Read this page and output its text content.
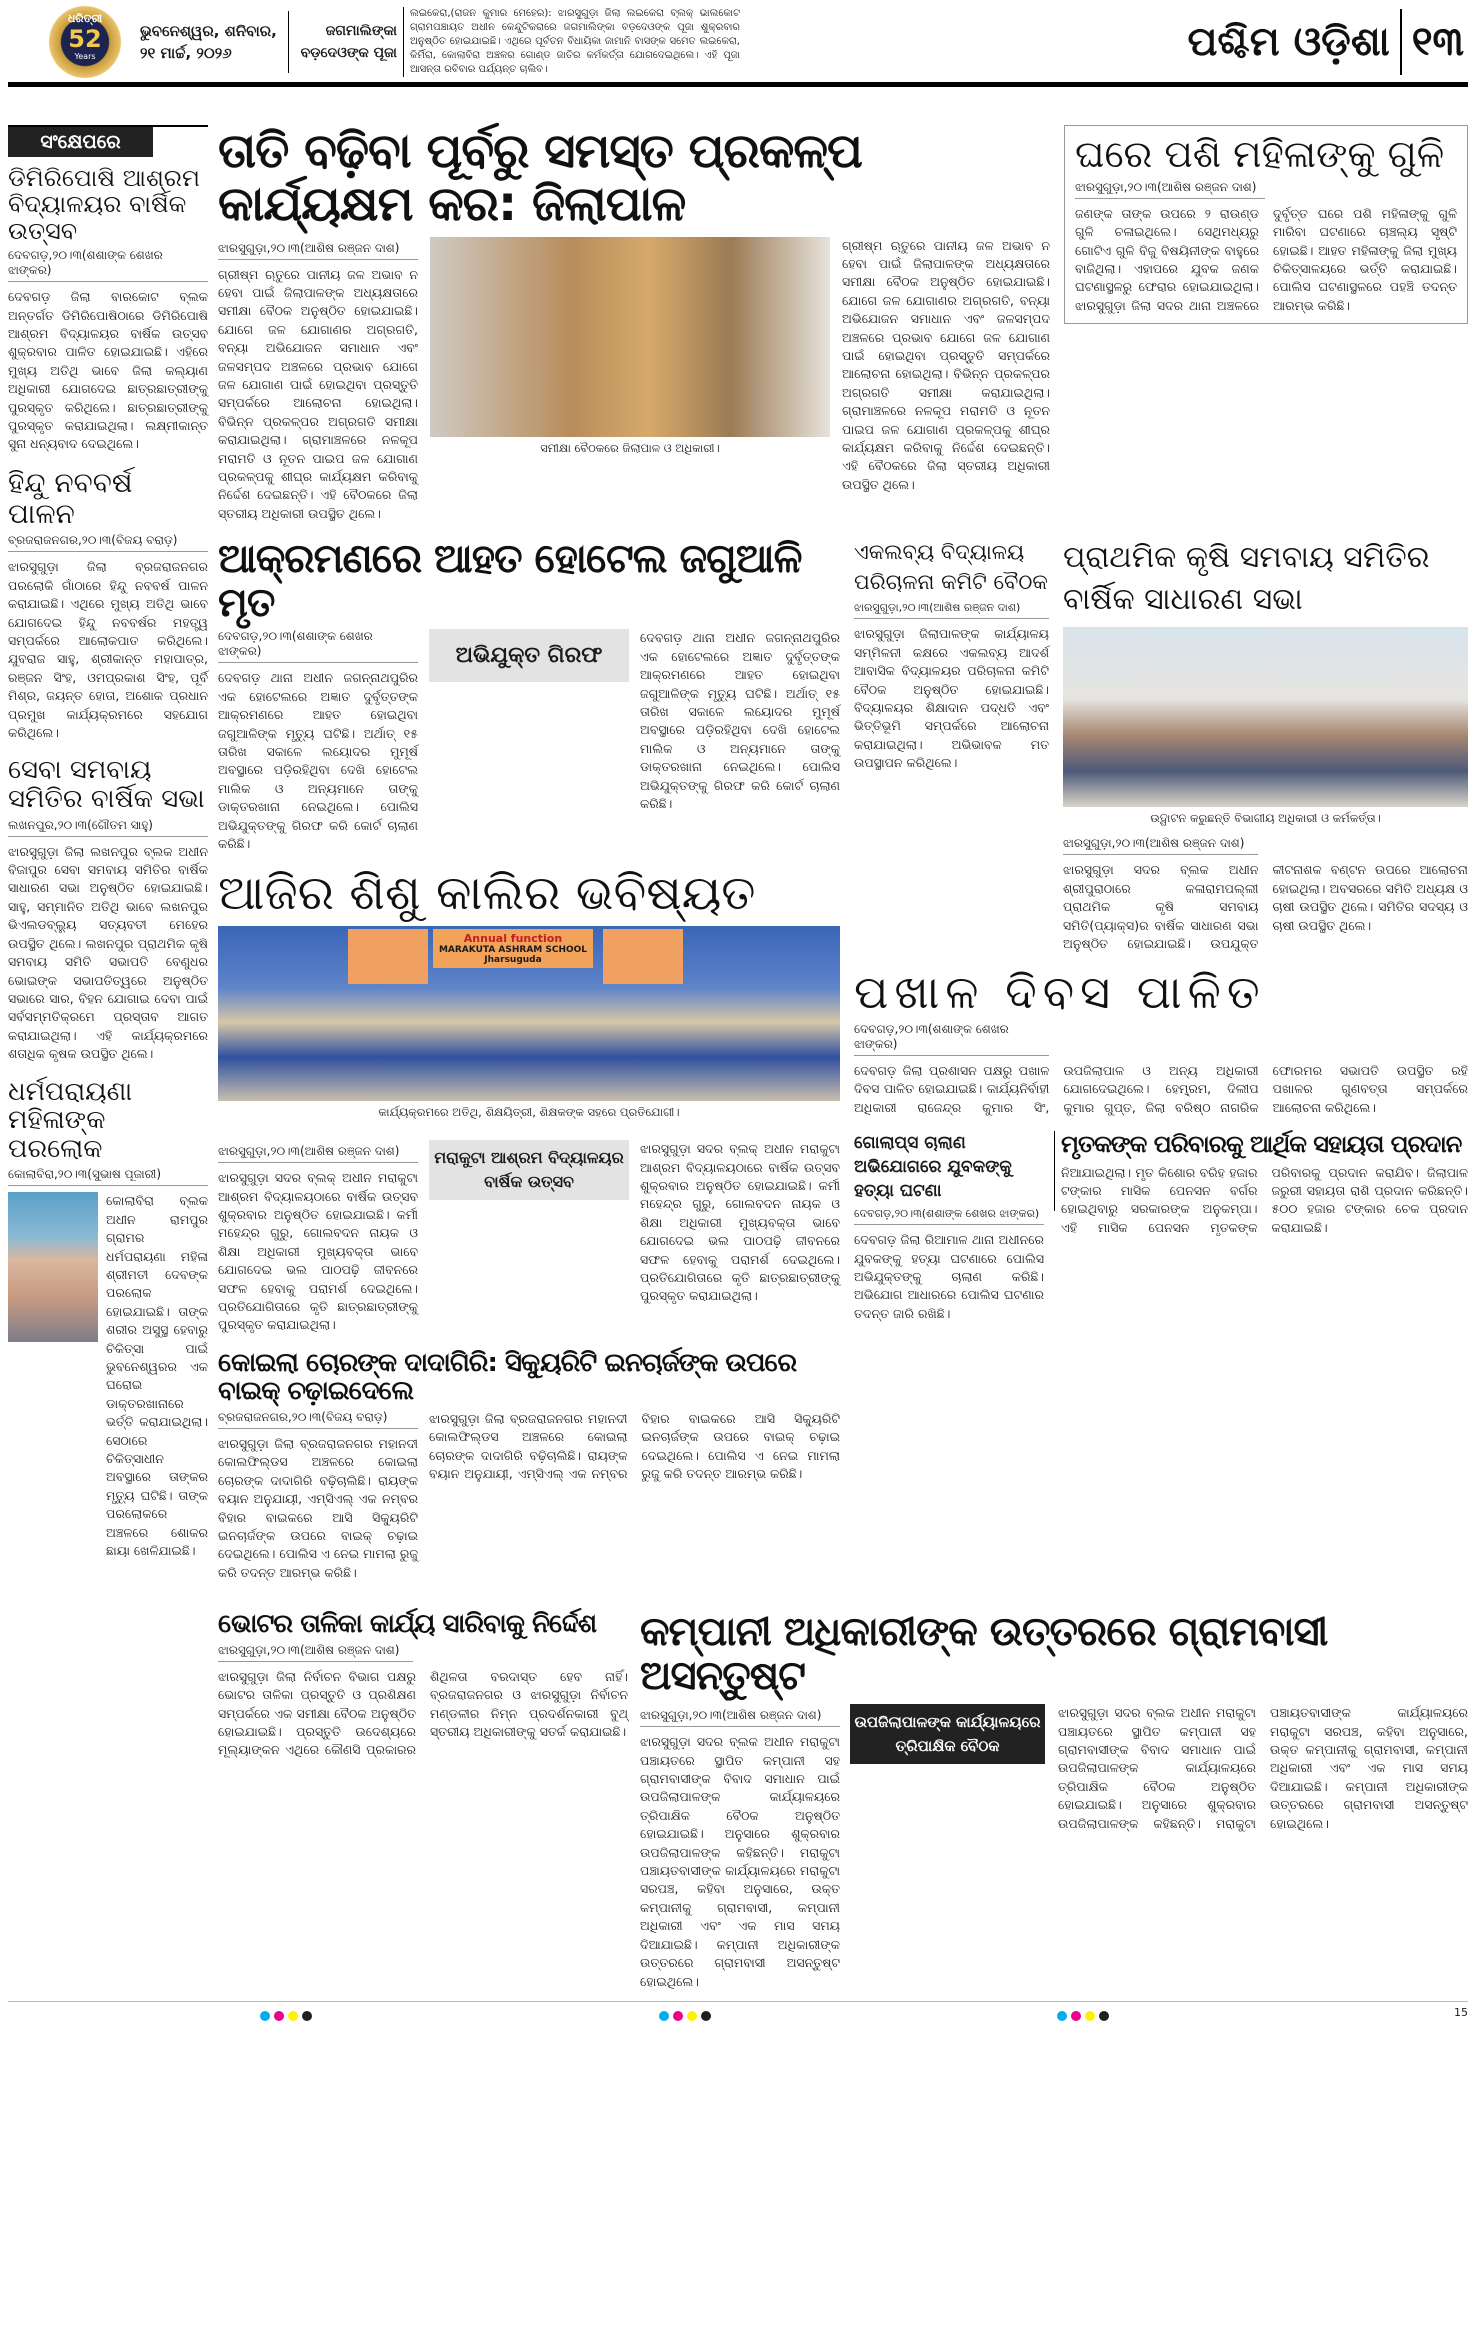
ଧରିତ୍ରୀ
52
Years
ଭୁବନେଶ୍ୱର, ଶନିବାର,
୨୧ ମାର୍ଚ୍ଚ, ୨୦୨୬
ଜଗମାଲିଙ୍କା ବଡ଼ଦେଓଙ୍କ ପୂଜା
ଲଇକେରା,(ରାଜନ କୁମାର ମେହେର): ଝାରସୁଗୁଡ଼ା ଜିଲା ଲଇକେରା ବ୍ଲକ୍ ଭାଲକୋଟ ଗ୍ରାମପଞ୍ଚାୟତ ଅଧୀନ କେନ୍ଦୁଟିକରାରେ ଜଗମାଲିଙ୍କା ବଡ଼ଦେଓଙ୍କ ପୂଜା ଶୁକ୍ରବାର ଅନୁଷ୍ଠିତ ହୋଇଯାଇଛି। ଏଥିରେ ପୂର୍ବତନ ବିଧାୟିକା ଜାମାନି ବାସଙ୍କ ସମେତ ଲଇକେରା, କିର୍ମିରା, କୋଲାବିରା ଅଞ୍ଚଳର ଗୋଣ୍ଡ ଜାତିର କର୍ମକର୍ତ୍ତା ଯୋଗଦେଇଥିଲେ। ଏହି ପୂଜା ଆସନ୍ତା ରବିବାର ପର୍ଯ୍ୟନ୍ତ ଚାଲିବ।
ପଶ୍ଚିମ ଓଡ଼ିଶା ୧୩
ସଂକ୍ଷେପରେ
ଡିମିରିପୋଷି ଆଶ୍ରମ ବିଦ୍ୟାଳୟର ବାର୍ଷିକ ଉତ୍ସବ
ଦେବଗଡ଼,୨୦।୩(ଶଶାଙ୍କ ଶେଖର ଝାଙ୍କର)
ଦେବଗଡ଼ ଜିଲା ବାରକୋଟ ବ୍ଲକ ଅନ୍ତର୍ଗତ ଡିମିରିପୋଷିଠାରେ ଡିମିରିପୋଷି ଆଶ୍ରମ ବିଦ୍ୟାଳୟର ବାର୍ଷିକ ଉତ୍ସବ ଶୁକ୍ରବାର ପାଳିତ ହୋଇଯାଇଛି। ଏହିରେ ମୁଖ୍ୟ ଅତିଥି ଭାବେ ଜିଲା କଲ୍ୟାଣ ଅଧିକାରୀ ଯୋଗଦେଇ ଛାତ୍ରଛାତ୍ରୀଙ୍କୁ ପୁରସ୍କୃତ କରିଥିଲେ। ଛାତ୍ରଛାତ୍ରୀଙ୍କୁ ପୁରସ୍କୃତ କରାଯାଇଥିଲା। ଲକ୍ଷ୍ମୀକାନ୍ତ ସୁନା ଧନ୍ୟବାଦ ଦେଇଥିଲେ।
ହିନ୍ଦୁ ନବବର୍ଷ ପାଳନ
ବ୍ରଜରାଜନଗର,୨୦।୩(ବିଜୟ ବରାଡ଼)
ଝାରସୁଗୁଡ଼ା ଜିଲା ବ୍ରଜରାଜନଗର ପରଲୋକି ଗାଁଠାରେ ହିନ୍ଦୁ ନବବର୍ଷ ପାଳନ କରାଯାଇଛି। ଏଥିରେ ମୁଖ୍ୟ ଅତିଥି ଭାବେ ଯୋଗଦେଇ ହିନ୍ଦୁ ନବବର୍ଷର ମହତ୍ତ୍ୱ ସମ୍ପର୍କରେ ଆଲୋକପାତ କରିଥିଲେ। ଯୁବରାଜ ସାହୁ, ଶ୍ରୀକାନ୍ତ ମହାପାତ୍ର, ରଞ୍ଜନ ସିଂହ, ଓମପ୍ରକାଶ ସିଂହ, ପୂର୍ବି ମିଶ୍ର, ଜୟନ୍ତ ହୋତା, ଅଶୋକ ପ୍ରଧାନ ପ୍ରମୁଖ କାର୍ଯ୍ୟକ୍ରମରେ ସହଯୋଗ କରିଥିଲେ।
ସେବା ସମବାୟ ସମିତିର ବାର୍ଷିକ ସଭା
ଲଖନପୁର,୨୦।୩(ଗୌତମ ସାହୁ)
ଝାରସୁଗୁଡ଼ା ଜିଲା ଲଖନପୁର ବ୍ଲକ ଅଧୀନ ବିଜାପୁର ସେବା ସମବାୟ ସମିତିର ବାର୍ଷିକ ସାଧାରଣ ସଭା ଅନୁଷ୍ଠିତ ହୋଇଯାଇଛି। ସାହୁ, ସମ୍ମାନିତ ଅତିଥି ଭାବେ ଲଖନପୁର ଭିଏଲଡବ୍ଲ୍ୟୁ ସତ୍ୟବତୀ ମେହେର ଉପସ୍ଥିତ ଥିଲେ। ଲଖନପୁର ପ୍ରାଥମିକ କୃଷି ସମବାୟ ସମିତି ସଭାପତି ବେଣୁଧର ଭୋଇଙ୍କ ସଭାପତିତ୍ୱରେ ଅନୁଷ୍ଠିତ ସଭାରେ ସାର, ବିହନ ଯୋଗାଇ ଦେବା ପାଇଁ ସର୍ବସମ୍ମତିକ୍ରମେ ପ୍ରସ୍ତାବ ଆଗତ କରାଯାଇଥିଲା। ଏହି କାର୍ଯ୍ୟକ୍ରମରେ ଶତାଧିକ କୃଷକ ଉପସ୍ଥିତ ଥିଲେ।
ଧର୍ମପରାୟଣା ମହିଳାଙ୍କ ପରଲୋକ
କୋଲାବିରା,୨୦।୩(ସୁଭାଷ ପୂଜାରୀ)
କୋଲାବିରା ବ୍ଲକ ଅଧୀନ ରାମପୁର ଗ୍ରାମର ଧର୍ମପରାୟଣା ମହିଳା ଶ୍ରୀମତୀ ଦେବଙ୍କ ପରଲୋକ ହୋଇଯାଇଛି। ତାଙ୍କ ଶରୀର ଅସୁସ୍ଥ ହେବାରୁ ଚିକିତ୍ସା ପାଇଁ ଭୁବନେଶ୍ୱରର ଏକ ଘରୋଇ ଡାକ୍ତରଖାନାରେ ଭର୍ତ୍ତି କରାଯାଇଥିଲା। ସେଠାରେ ଚିକିତ୍ସାଧୀନ ଅବସ୍ଥାରେ ତାଙ୍କର ମୃତ୍ୟୁ ଘଟିଛି। ତାଙ୍କ ପରଲୋକରେ ଅଞ୍ଚଳରେ ଶୋକର ଛାୟା ଖେଳିଯାଇଛି।
ତାତି ବଢ଼ିବା ପୂର୍ବରୁ ସମସ୍ତ ପ୍ରକଳ୍ପ କାର୍ଯ୍ୟକ୍ଷମ କର: ଜିଲାପାଳ
ଝାରସୁଗୁଡ଼ା,୨୦।୩(ଆଶିଷ ରଞ୍ଜନ ଦାଶ)
ଗ୍ରୀଷ୍ମ ଋତୁରେ ପାନୀୟ ଜଳ ଅଭାବ ନ ହେବା ପାଇଁ ଜିଲାପାଳଙ୍କ ଅଧ୍ୟକ୍ଷତାରେ ସମୀକ୍ଷା ବୈଠକ ଅନୁଷ୍ଠିତ ହୋଇଯାଇଛି। ଯୋଗେ ଜଳ ଯୋଗାଣର ଅଗ୍ରଗତି, ବନ୍ୟା ଅଭିଯୋଜନ ସମାଧାନ ଏବଂ ଜଳସମ୍ପଦ ଅଞ୍ଚଳରେ ପ୍ରଭାବ ଯୋଗେ ଜଳ ଯୋଗାଣ ପାଇଁ ହୋଇଥିବା ପ୍ରସ୍ତୁତି ସମ୍ପର୍କରେ ଆଲୋଚନା ହୋଇଥିଲା। ବିଭିନ୍ନ ପ୍ରକଳ୍ପର ଅଗ୍ରଗତି ସମୀକ୍ଷା କରାଯାଇଥିଲା। ଗ୍ରାମାଞ୍ଚଳରେ ନଳକୂପ ମରାମତି ଓ ନୂତନ ପାଇପ ଜଳ ଯୋଗାଣ ପ୍ରକଳ୍ପକୁ ଶୀଘ୍ର କାର୍ଯ୍ୟକ୍ଷମ କରିବାକୁ ନିର୍ଦ୍ଦେଶ ଦେଇଛନ୍ତି। ଏହି ବୈଠକରେ ଜିଲା ସ୍ତରୀୟ ଅଧିକାରୀ ଉପସ୍ଥିତ ଥିଲେ।
ସମୀକ୍ଷା ବୈଠକରେ ଜିଲାପାଳ ଓ ଅଧିକାରୀ।
ଗ୍ରୀଷ୍ମ ଋତୁରେ ପାନୀୟ ଜଳ ଅଭାବ ନ ହେବା ପାଇଁ ଜିଲାପାଳଙ୍କ ଅଧ୍ୟକ୍ଷତାରେ ସମୀକ୍ଷା ବୈଠକ ଅନୁଷ୍ଠିତ ହୋଇଯାଇଛି। ଯୋଗେ ଜଳ ଯୋଗାଣର ଅଗ୍ରଗତି, ବନ୍ୟା ଅଭିଯୋଜନ ସମାଧାନ ଏବଂ ଜଳସମ୍ପଦ ଅଞ୍ଚଳରେ ପ୍ରଭାବ ଯୋଗେ ଜଳ ଯୋଗାଣ ପାଇଁ ହୋଇଥିବା ପ୍ରସ୍ତୁତି ସମ୍ପର୍କରେ ଆଲୋଚନା ହୋଇଥିଲା। ବିଭିନ୍ନ ପ୍ରକଳ୍ପର ଅଗ୍ରଗତି ସମୀକ୍ଷା କରାଯାଇଥିଲା। ଗ୍ରାମାଞ୍ଚଳରେ ନଳକୂପ ମରାମତି ଓ ନୂତନ ପାଇପ ଜଳ ଯୋଗାଣ ପ୍ରକଳ୍ପକୁ ଶୀଘ୍ର କାର୍ଯ୍ୟକ୍ଷମ କରିବାକୁ ନିର୍ଦ୍ଦେଶ ଦେଇଛନ୍ତି। ଏହି ବୈଠକରେ ଜିଲା ସ୍ତରୀୟ ଅଧିକାରୀ ଉପସ୍ଥିତ ଥିଲେ।
ଘରେ ପଶି ମହିଳାଙ୍କୁ ଗୁଳି
ଝାରସୁଗୁଡ଼ା,୨୦।୩(ଆଶିଷ ରଞ୍ଜନ ଦାଶ)
ଜଣଙ୍କ ତାଙ୍କ ଉପରେ ୨ ରାଉଣ୍ଡ ଗୁଳି ଚଳାଇଥିଲେ। ସେଥିମଧ୍ୟରୁ ଗୋଟିଏ ଗୁଳି ବିଜୁ ବିଷୟିନୀଙ୍କ ବାହୁରେ ବାଜିଥିଲା। ଏହାପରେ ଯୁବକ ଜଣକ ଘଟଣାସ୍ଥଳରୁ ଫେରାର ହୋଇଯାଇଥିଲା। ଝାରସୁଗୁଡ଼ା ଜିଲା ସଦର ଥାନା ଅଞ୍ଚଳରେ ଦୁର୍ବୃତ୍ତ ଘରେ ପଶି ମହିଳାଙ୍କୁ ଗୁଳି ମାରିବା ଘଟଣାରେ ଚାଞ୍ଚଲ୍ୟ ସୃଷ୍ଟି ହୋଇଛି। ଆହତ ମହିଳାଙ୍କୁ ଜିଲା ମୁଖ୍ୟ ଚିକିତ୍ସାଳୟରେ ଭର୍ତ୍ତି କରାଯାଇଛି। ପୋଲିସ ଘଟଣାସ୍ଥଳରେ ପହଞ୍ଚି ତଦନ୍ତ ଆରମ୍ଭ କରିଛି।
ଆକ୍ରମଣରେ ଆହତ ହୋଟେଲ ଜଗୁଆଳି ମୃତ
ଦେବଗଡ଼,୨୦।୩(ଶଶାଙ୍କ ଶେଖର ଝାଙ୍କର)
ଦେବଗଡ଼ ଥାନା ଅଧୀନ ଜଗନ୍ନାଥପୁରିର ଏକ ହୋଟେଲରେ ଅଜ୍ଞାତ ଦୁର୍ବୃତ୍ତଙ୍କ ଆକ୍ରମଣରେ ଆହତ ହୋଇଥିବା ଜଗୁଆଳିଙ୍କ ମୃତ୍ୟୁ ଘଟିଛି। ଅର୍ଥାତ୍ ୧୫ ତାରିଖ ସକାଳେ ଲୟୋଦର ମୁମୂର୍ଷ ଅବସ୍ଥାରେ ପଡ଼ିରହିଥିବା ଦେଖି ହୋଟେଲ ମାଲିକ ଓ ଅନ୍ୟମାନେ ତାଙ୍କୁ ଡାକ୍ତରଖାନା ନେଇଥିଲେ। ପୋଲିସ ଅଭିଯୁକ୍ତଙ୍କୁ ଗିରଫ କରି କୋର୍ଟ ଚାଲାଣ କରିଛି।
ଅଭିଯୁକ୍ତ ଗିରଫ
ଦେବଗଡ଼ ଥାନା ଅଧୀନ ଜଗନ୍ନାଥପୁରିର ଏକ ହୋଟେଲରେ ଅଜ୍ଞାତ ଦୁର୍ବୃତ୍ତଙ୍କ ଆକ୍ରମଣରେ ଆହତ ହୋଇଥିବା ଜଗୁଆଳିଙ୍କ ମୃତ୍ୟୁ ଘଟିଛି। ଅର୍ଥାତ୍ ୧୫ ତାରିଖ ସକାଳେ ଲୟୋଦର ମୁମୂର୍ଷ ଅବସ୍ଥାରେ ପଡ଼ିରହିଥିବା ଦେଖି ହୋଟେଲ ମାଲିକ ଓ ଅନ୍ୟମାନେ ତାଙ୍କୁ ଡାକ୍ତରଖାନା ନେଇଥିଲେ। ପୋଲିସ ଅଭିଯୁକ୍ତଙ୍କୁ ଗିରଫ କରି କୋର୍ଟ ଚାଲାଣ କରିଛି।
ଆଜିର ଶିଶୁ କାଲିର ଭବିଷ୍ୟତ
Annual function
MARAKUTA ASHRAM SCHOOL
Jharsuguda
କାର୍ଯ୍ୟକ୍ରମରେ ଅତିଥି, ଶିକ୍ଷୟିତ୍ରୀ, ଶିକ୍ଷକଙ୍କ ସହରେ ପ୍ରତିଯୋଗୀ।
ଝାରସୁଗୁଡ଼ା,୨୦।୩(ଆଶିଷ ରଞ୍ଜନ ଦାଶ)
ଝାରସୁଗୁଡ଼ା ସଦର ବ୍ଲକ୍ ଅଧୀନ ମରାକୁଟା ଆଶ୍ରମ ବିଦ୍ୟାଳୟଠାରେ ବାର୍ଷିକ ଉତ୍ସବ ଶୁକ୍ରବାର ଅନୁଷ୍ଠିତ ହୋଇଯାଇଛି। କର୍ମୀ ମହେନ୍ଦ୍ର ଗୁରୁ, ଗୋଲବଦନ ନାୟକ ଓ ଶିକ୍ଷା ଅଧିକାରୀ ମୁଖ୍ୟବକ୍ତା ଭାବେ ଯୋଗଦେଇ ଭଲ ପାଠପଢ଼ି ଜୀବନରେ ସଫଳ ହେବାକୁ ପରାମର୍ଶ ଦେଇଥିଲେ। ପ୍ରତିଯୋଗିତାରେ କୃତି ଛାତ୍ରଛାତ୍ରୀଙ୍କୁ ପୁରସ୍କୃତ କରାଯାଇଥିଲା।
ମରାକୁଟା ଆଶ୍ରମ ବିଦ୍ୟାଳୟର ବାର୍ଷିକ ଉତ୍ସବ
ଝାରସୁଗୁଡ଼ା ସଦର ବ୍ଲକ୍ ଅଧୀନ ମରାକୁଟା ଆଶ୍ରମ ବିଦ୍ୟାଳୟଠାରେ ବାର୍ଷିକ ଉତ୍ସବ ଶୁକ୍ରବାର ଅନୁଷ୍ଠିତ ହୋଇଯାଇଛି। କର୍ମୀ ମହେନ୍ଦ୍ର ଗୁରୁ, ଗୋଲବଦନ ନାୟକ ଓ ଶିକ୍ଷା ଅଧିକାରୀ ମୁଖ୍ୟବକ୍ତା ଭାବେ ଯୋଗଦେଇ ଭଲ ପାଠପଢ଼ି ଜୀବନରେ ସଫଳ ହେବାକୁ ପରାମର୍ଶ ଦେଇଥିଲେ। ପ୍ରତିଯୋଗିତାରେ କୃତି ଛାତ୍ରଛାତ୍ରୀଙ୍କୁ ପୁରସ୍କୃତ କରାଯାଇଥିଲା।
କୋଇଲା ଚୋରଙ୍କ ଦାଦାଗିରି: ସିକ୍ୟୁରିଟି ଇନଚାର୍ଜଙ୍କ ଉପରେ ବାଇକ୍ ଚଢ଼ାଇଦେଲେ
ବ୍ରଜରାଜନଗର,୨୦।୩(ବିଜୟ ବରାଡ଼)
ଝାରସୁଗୁଡ଼ା ଜିଲା ବ୍ରଜରାଜନଗର ମହାନଦୀ କୋଲଫିଲ୍ଡସ ଅଞ୍ଚଳରେ କୋଇଲା ଚୋରଙ୍କ ଦାଦାଗିରି ବଢ଼ିଚାଲିଛି। ରାୟଙ୍କ ବୟାନ ଅନୁଯାୟୀ, ଏମ୍ସିଏଲ୍ ଏକ ନମ୍ବର ବିହାର ବାଇକରେ ଆସି ସିକ୍ୟୁରିଟି ଇନଚାର୍ଜଙ୍କ ଉପରେ ବାଇକ୍ ଚଢ଼ାଇ ଦେଇଥିଲେ। ପୋଲିସ ଏ ନେଇ ମାମଲା ରୁଜୁ କରି ତଦନ୍ତ ଆରମ୍ଭ କରିଛି।
ଝାରସୁଗୁଡ଼ା ଜିଲା ବ୍ରଜରାଜନଗର ମହାନଦୀ କୋଲଫିଲ୍ଡସ ଅଞ୍ଚଳରେ କୋଇଲା ଚୋରଙ୍କ ଦାଦାଗିରି ବଢ଼ିଚାଲିଛି। ରାୟଙ୍କ ବୟାନ ଅନୁଯାୟୀ, ଏମ୍ସିଏଲ୍ ଏକ ନମ୍ବର ବିହାର ବାଇକରେ ଆସି ସିକ୍ୟୁରିଟି ଇନଚାର୍ଜଙ୍କ ଉପରେ ବାଇକ୍ ଚଢ଼ାଇ ଦେଇଥିଲେ। ପୋଲିସ ଏ ନେଇ ମାମଲା ରୁଜୁ କରି ତଦନ୍ତ ଆରମ୍ଭ କରିଛି।
ଏକଲବ୍ୟ ବିଦ୍ୟାଳୟ ପରିଚାଳନା କମିଟି ବୈଠକ
ଝାରସୁଗୁଡ଼ା,୨୦।୩(ଆଶିଷ ରଞ୍ଜନ ଦାଶ)
ଝାରସୁଗୁଡ଼ା ଜିଲାପାଳଙ୍କ କାର୍ଯ୍ୟାଳୟ ସମ୍ମିଳନୀ କକ୍ଷରେ ଏକଲବ୍ୟ ଆଦର୍ଶ ଆବାସିକ ବିଦ୍ୟାଳୟର ପରିଚାଳନା କମିଟି ବୈଠକ ଅନୁଷ୍ଠିତ ହୋଇଯାଇଛି। ବିଦ୍ୟାଳୟର ଶିକ୍ଷାଦାନ ପଦ୍ଧତି ଏବଂ ଭିତ୍ତିଭୂମି ସମ୍ପର୍କରେ ଆଲୋଚନା କରାଯାଇଥିଲା। ଅଭିଭାବକ ମତ ଉପସ୍ଥାପନ କରିଥିଲେ।
ପ୍ରାଥମିକ କୃଷି ସମବାୟ ସମିତିର ବାର୍ଷିକ ସାଧାରଣ ସଭା
ଉଦ୍ଘାଟନ କରୁଛନ୍ତି ବିଭାଗୀୟ ଅଧିକାରୀ ଓ କର୍ମକର୍ତ୍ତା।
ଝାରସୁଗୁଡ଼ା,୨୦।୩(ଆଶିଷ ରଞ୍ଜନ ଦାଶ)
ଝାରସୁଗୁଡ଼ା ସଦର ବ୍ଲକ ଅଧୀନ ଶ୍ରୀପୁରାଠାରେ କଳାରାମପଲ୍ଲୀ ପ୍ରାଥମିକ କୃଷି ସମବାୟ ସମିତି(ପ୍ୟାକ୍ସ)ର ବାର୍ଷିକ ସାଧାରଣ ସଭା ଅନୁଷ୍ଠିତ ହୋଇଯାଇଛି। ଉପଯୁକ୍ତ କୀଟନାଶକ ବଣ୍ଟନ ଉପରେ ଆଲୋଚନା ହୋଇଥିଲା। ଅବସରରେ ସମିତି ଅଧ୍ୟକ୍ଷ ଓ ଚାଷୀ ଉପସ୍ଥିତ ଥିଲେ। ସମିତିର ସଦସ୍ୟ ଓ ଚାଷୀ ଉପସ୍ଥିତ ଥିଲେ।
ପଖାଳ ଦିବସ ପାଳିତ
ଦେବଗଡ଼,୨୦।୩(ଶଶାଙ୍କ ଶେଖର ଝାଙ୍କର)
ଦେବଗଡ଼ ଜିଲା ପ୍ରଶାସନ ପକ୍ଷରୁ ପଖାଳ ଦିବସ ପାଳିତ ହୋଇଯାଇଛି। କାର୍ଯ୍ୟନିର୍ବାହୀ ଅଧିକାରୀ ରାଜେନ୍ଦ୍ର କୁମାର ସିଂ, ଉପଜିଲାପାଳ ଓ ଅନ୍ୟ ଅଧିକାରୀ ଯୋଗଦେଇଥିଲେ। ହେମ୍ବ୍ରମ, ଦିଲୀପ କୁମାର ଗୁପ୍ତ, ଜିଲା ବରିଷ୍ଠ ନାଗରିକ ଫୋରମର ସଭାପତି ଉପସ୍ଥିତ ରହି ପଖାଳର ଗୁଣବତ୍ତା ସମ୍ପର୍କରେ ଆଲୋଚନା କରିଥିଲେ।
ଗୋଲାପ୍ସ ଚାଲାଣ ଅଭିଯୋଗରେ ଯୁବକଙ୍କୁ ହତ୍ୟା ଘଟଣା
ଦେବଗଡ଼,୨୦।୩(ଶଶାଙ୍କ ଶେଖର ଝାଙ୍କର)
ଦେବଗଡ଼ ଜିଲା ରିଆମାଳ ଥାନା ଅଧୀନରେ ଯୁବକଙ୍କୁ ହତ୍ୟା ଘଟଣାରେ ପୋଲିସ ଅଭିଯୁକ୍ତଙ୍କୁ ଚାଲାଣ କରିଛି। ଅଭିଯୋଗ ଆଧାରରେ ପୋଲିସ ଘଟଣାର ତଦନ୍ତ ଜାରି ରଖିଛି।
ମୃତକଙ୍କ ପରିବାରକୁ ଆର୍ଥିକ ସହାୟତା ପ୍ରଦାନ
ନିଆଯାଇଥିଲା। ମୃତ କିଶୋର ବରିହ ହଜାର ଟଙ୍କାର ମାସିକ ପେନସନ ବର୍ଗର ହୋଇଥିବାରୁ ସରକାରଙ୍କ ଅନୁକମ୍ପା। ଏହି ମାସିକ ପେନସନ ମୃତକଙ୍କ ପରିବାରକୁ ପ୍ରଦାନ କରାଯିବ। ଜିଲାପାଳ ଜରୁରୀ ସହାୟତା ରାଶି ପ୍ରଦାନ କରିଛନ୍ତି। ୫୦୦ ହଜାର ଟଙ୍କାର ଚେକ ପ୍ରଦାନ କରାଯାଇଛି।
ଭୋଟର ତାଳିକା କାର୍ଯ୍ୟ ସାରିବାକୁ ନିର୍ଦ୍ଦେଶ
ଝାରସୁଗୁଡ଼ା,୨୦।୩(ଆଶିଷ ରଞ୍ଜନ ଦାଶ)
ଝାରସୁଗୁଡ଼ା ଜିଲା ନିର୍ବାଚନ ବିଭାଗ ପକ୍ଷରୁ ଭୋଟର ତାଳିକା ପ୍ରସ୍ତୁତି ଓ ପ୍ରଶିକ୍ଷଣ ସମ୍ପର୍କରେ ଏକ ସମୀକ୍ଷା ବୈଠକ ଅନୁଷ୍ଠିତ ହୋଇଯାଇଛି। ପ୍ରସ୍ତୁତି ଉଦେଶ୍ୟରେ ମୂଲ୍ୟାଙ୍କନ ଏଥିରେ କୌଣସି ପ୍ରକାରର ଶିଥିଳତା ବରଦାସ୍ତ ହେବ ନାହିଁ। ବ୍ରଜରାଜନଗର ଓ ଝାରସୁଗୁଡ଼ା ନିର୍ବାଚନ ମଣ୍ଡଳୀର ନିମ୍ନ ପ୍ରଦର୍ଶନକାରୀ ବୁଥ୍ ସ୍ତରୀୟ ଅଧିକାରୀଙ୍କୁ ସତର୍କ କରାଯାଇଛି।
କମ୍ପାନୀ ଅଧିକାରୀଙ୍କ ଉତ୍ତରରେ ଗ୍ରାମବାସୀ ଅସନ୍ତୁଷ୍ଟ
ଝାରସୁଗୁଡ଼ା,୨୦।୩(ଆଶିଷ ରଞ୍ଜନ ଦାଶ)
ଝାରସୁଗୁଡ଼ା ସଦର ବ୍ଲକ ଅଧୀନ ମରାକୁଟା ପଞ୍ଚାୟତରେ ସ୍ଥାପିତ କମ୍ପାନୀ ସହ ଗ୍ରାମବାସୀଙ୍କ ବିବାଦ ସମାଧାନ ପାଇଁ ଉପଜିଲାପାଳଙ୍କ କାର୍ଯ୍ୟାଳୟରେ ତ୍ରିପାକ୍ଷିକ ବୈଠକ ଅନୁଷ୍ଠିତ ହୋଇଯାଇଛି। ଅନୁସାରେ ଶୁକ୍ରବାର ଉପଜିଲାପାଳଙ୍କ କହିଛନ୍ତି। ମରାକୁଟା ପଞ୍ଚାୟତବାସୀଙ୍କ କାର୍ଯ୍ୟାଳୟରେ ମରାକୁଟା ସରପଞ୍ଚ, କହିବା ଅନୁସାରେ, ଉକ୍ତ କମ୍ପାନୀକୁ ଗ୍ରାମବାସୀ, କମ୍ପାନୀ ଅଧିକାରୀ ଏବଂ ଏକ ମାସ ସମୟ ଦିଆଯାଇଛି। କମ୍ପାନୀ ଅଧିକାରୀଙ୍କ ଉତ୍ତରରେ ଗ୍ରାମବାସୀ ଅସନ୍ତୁଷ୍ଟ ହୋଇଥିଲେ।
ଉପଜିଲାପାଳଙ୍କ କାର୍ଯ୍ୟାଳୟରେ ତ୍ରିପାକ୍ଷିକ ବୈଠକ
ଝାରସୁଗୁଡ଼ା ସଦର ବ୍ଲକ ଅଧୀନ ମରାକୁଟା ପଞ୍ଚାୟତରେ ସ୍ଥାପିତ କମ୍ପାନୀ ସହ ଗ୍ରାମବାସୀଙ୍କ ବିବାଦ ସମାଧାନ ପାଇଁ ଉପଜିଲାପାଳଙ୍କ କାର୍ଯ୍ୟାଳୟରେ ତ୍ରିପାକ୍ଷିକ ବୈଠକ ଅନୁଷ୍ଠିତ ହୋଇଯାଇଛି। ଅନୁସାରେ ଶୁକ୍ରବାର ଉପଜିଲାପାଳଙ୍କ କହିଛନ୍ତି। ମରାକୁଟା ପଞ୍ଚାୟତବାସୀଙ୍କ କାର୍ଯ୍ୟାଳୟରେ ମରାକୁଟା ସରପଞ୍ଚ, କହିବା ଅନୁସାରେ, ଉକ୍ତ କମ୍ପାନୀକୁ ଗ୍ରାମବାସୀ, କମ୍ପାନୀ ଅଧିକାରୀ ଏବଂ ଏକ ମାସ ସମୟ ଦିଆଯାଇଛି। କମ୍ପାନୀ ଅଧିକାରୀଙ୍କ ଉତ୍ତରରେ ଗ୍ରାମବାସୀ ଅସନ୍ତୁଷ୍ଟ ହୋଇଥିଲେ।
15
